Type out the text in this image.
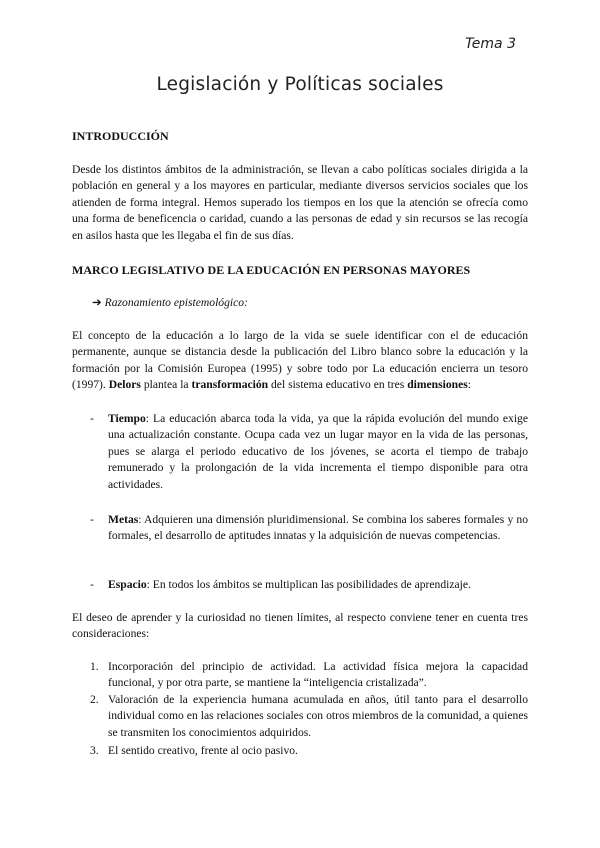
Tema 3
Legislación y Políticas sociales

INTRODUCCIÓN

Desde los distintos ámbitos de la administración, se llevan a cabo políticas sociales dirigida a la población en general y a los mayores en particular, mediante diversos servicios sociales que los atienden de forma integral. Hemos superado los tiempos en los que la atención se ofrecía como una forma de beneficencia o caridad, cuando a las personas de edad y sin recursos se las recogía en asilos hasta que les llegaba el fin de sus días.

MARCO LEGISLATIVO DE LA EDUCACIÓN EN PERSONAS MAYORES

➔ Razonamiento epistemológico:

El concepto de la educación a lo largo de la vida se suele identificar con el de educación permanente, aunque se distancia desde la publicación del Libro blanco sobre la educación y la formación por la Comisión Europea (1995) y sobre todo por La educación encierra un tesoro (1997). Delors plantea la transformación del sistema educativo en tres dimensiones:

- Tiempo: La educación abarca toda la vida, ya que la rápida evolución del mundo exige una actualización constante. Ocupa cada vez un lugar mayor en la vida de las personas, pues se alarga el periodo educativo de los jóvenes, se acorta el tiempo de trabajo remunerado y la prolongación de la vida incrementa el tiempo disponible para otra actividades.

- Metas: Adquieren una dimensión pluridimensional. Se combina los saberes formales y no formales, el desarrollo de aptitudes innatas y la adquisición de nuevas competencias.

- Espacio: En todos los ámbitos se multiplican las posibilidades de aprendizaje.

El deseo de aprender y la curiosidad no tienen límites, al respecto conviene tener en cuenta tres consideraciones:

1. Incorporación del principio de actividad. La actividad física mejora la capacidad funcional, y por otra parte, se mantiene la “inteligencia cristalizada”.

2. Valoración de la experiencia humana acumulada en años, útil tanto para el desarrollo individual como en las relaciones sociales con otros miembros de la comunidad, a quienes se transmiten los conocimientos adquiridos.

3. El sentido creativo, frente al ocio pasivo.
